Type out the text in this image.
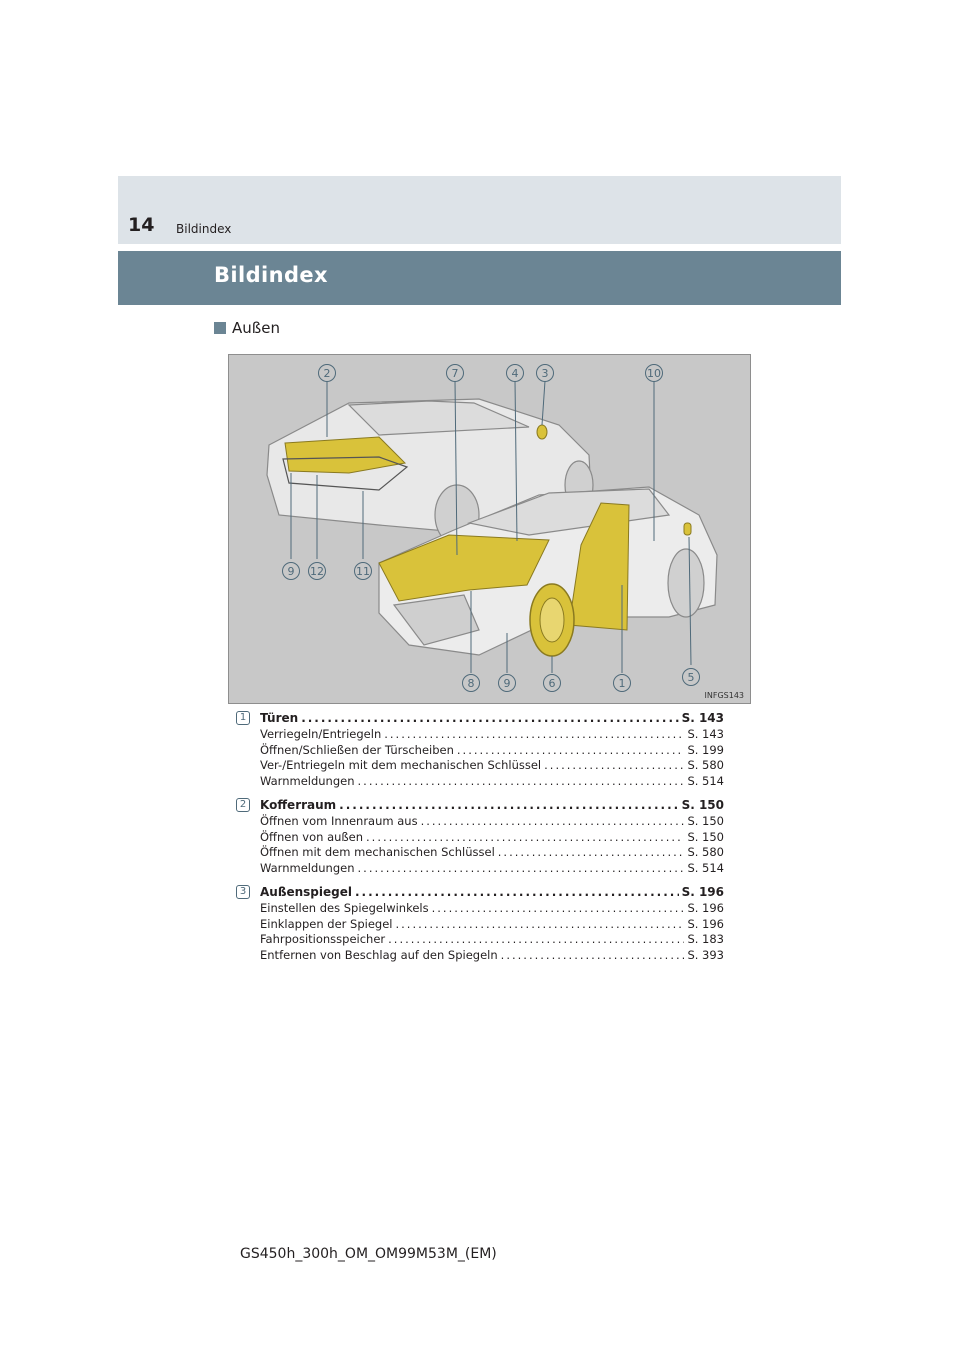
14 Bildindex
Bildindex
Außen
2	7	4	3	10
9	12	11
8	9	6	1	5
INFGS143
1	Türen .....	S. 143
Verriegeln/Entriegeln .....	S. 143
Öffnen/Schließen der Türscheiben .....	S. 199
Ver-/Entriegeln mit dem mechanischen Schlüssel .....	S. 580
Warnmeldungen .....	S. 514
2	Kofferraum .....	S. 150
Öffnen vom Innenraum aus .....	S. 150
Öffnen von außen .....	S. 150
Öffnen mit dem mechanischen Schlüssel .....	S. 580
Warnmeldungen .....	S. 514
3	Außenspiegel .....	S. 196
Einstellen des Spiegelwinkels .....	S. 196
Einklappen der Spiegel .....	S. 196
Fahrpositionsspeicher .....	S. 183
Entfernen von Beschlag auf den Spiegeln .....	S. 393
GS450h_300h_OM_OM99M53M_(EM)
